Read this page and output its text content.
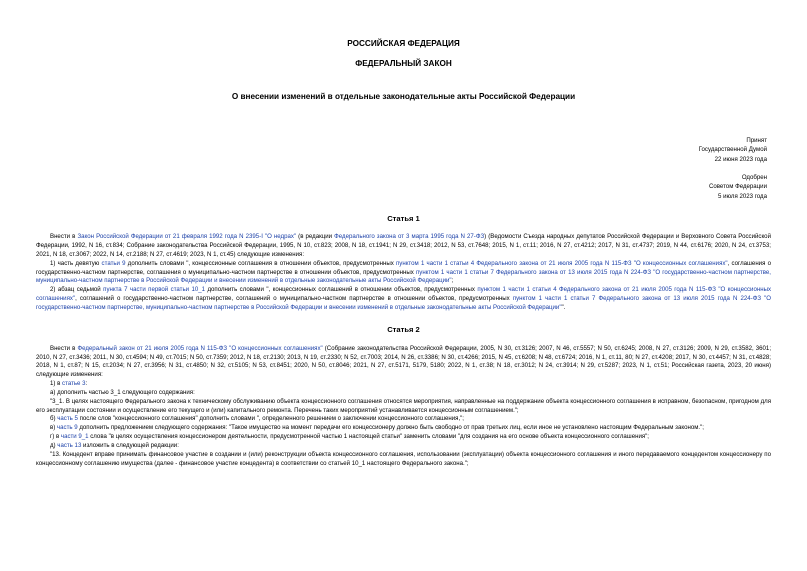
РОССИЙСКАЯ ФЕДЕРАЦИЯ
ФЕДЕРАЛЬНЫЙ ЗАКОН
О внесении изменений в отдельные законодательные акты Российской Федерации
Принят
Государственной Думой
22 июня 2023 года
Одобрен
Советом Федерации
5 июля 2023 года
Статья 1

Внести в Закон Российской Федерации от 21 февраля 1992 года N 2395-I "О недрах" (в редакции Федерального закона от 3 марта 1995 года N 27-ФЗ) (Ведомости Съезда народных депутатов Российской Федерации и Верховного Совета Российской Федерации, 1992, N 16, ст.834; Собрание законодательства Российской Федерации, 1995, N 10, ст.823; 2008, N 18, ст.1941; N 29, ст.3418; 2012, N 53, ст.7648; 2015, N 1, ст.11; 2016, N 27, ст.4212; 2017, N 31, ст.4737; 2019, N 44, ст.6176; 2020, N 24, ст.3753; 2021, N 18, ст.3067; 2022, N 14, ст.2188; N 27, ст.4619; 2023, N 1, ст.45) следующие изменения:

1) часть девятую статьи 9 дополнить словами ", концессионные соглашения в отношении объектов, предусмотренных пунктом 1 части 1 статьи 4 Федерального закона от 21 июля 2005 года N 115-ФЗ "О концессионных соглашениях", соглашения о государственно-частном партнерстве, соглашения о муниципально-частном партнерстве в отношении объектов, предусмотренных пунктом 1 части 1 статьи 7 Федерального закона от 13 июля 2015 года N 224-ФЗ "О государственно-частном партнерстве, муниципально-частном партнерстве в Российской Федерации и внесении изменений в отдельные законодательные акты Российской Федерации";

2) абзац седьмой пункта 7 части первой статьи 10_1 дополнить словами ", концессионных соглашений в отношении объектов, предусмотренных пунктом 1 части 1 статьи 4 Федерального закона от 21 июля 2005 года N 115-ФЗ "О концессионных соглашениях", соглашений о государственно-частном партнерстве, соглашений о муниципально-частном партнерстве в отношении объектов, предусмотренных пунктом 1 части 1 статьи 7 Федерального закона от 13 июля 2015 года N 224-ФЗ "О государственно-частном партнерстве, муниципально-частном партнерстве в Российской Федерации и внесении изменений в отдельные законодательные акты Российской Федерации"".

Статья 2

Внести в Федеральный закон от 21 июля 2005 года N 115-ФЗ "О концессионных соглашениях" (Собрание законодательства Российской Федерации, 2005, N 30, ст.3126; 2007, N 46, ст.5557; N 50, ст.6245; 2008, N 27, ст.3126; 2009, N 29, ст.3582, 3601; 2010, N 27, ст.3436; 2011, N 30, ст.4594; N 49, ст.7015; N 50, ст.7359; 2012, N 18, ст.2130; 2013, N 19, ст.2330; N 52, ст.7003; 2014, N 26, ст.3386; N 30, ст.4266; 2015, N 45, ст.6208; N 48, ст.6724; 2016, N 1, ст.11, 80; N 27, ст.4208; 2017, N 30, ст.4457; N 31, ст.4828; 2018, N 1, ст.87; N 15, ст.2034; N 27, ст.3956; N 31, ст.4850; N 32, ст.5105; N 53, ст.8451; 2020, N 50, ст.8046; 2021, N 27, ст.5171, 5179, 5180; 2022, N 1, ст.38; N 18, ст.3012; N 24, ст.3914; N 29, ст.5287; 2023, N 1, ст.51; Российская газета, 2023, 20 июня) следующие изменения:

1) в статье 3:

а) дополнить частью 3_1 следующего содержания:

"3_1. В целях настоящего Федерального закона к техническому обслуживанию объекта концессионного соглашения относятся мероприятия, направленные на поддержание объекта концессионного соглашения в исправном, безопасном, пригодном для его эксплуатации состоянии и осуществление его текущего и (или) капитального ремонта. Перечень таких мероприятий устанавливается концессионным соглашением.";

б) часть 5 после слов "концессионного соглашения" дополнить словами ", определенного решением о заключении концессионного соглашения,";

в) часть 9 дополнить предложением следующего содержания: "Такое имущество на момент передачи его концессионеру должно быть свободно от прав третьих лиц, если иное не установлено настоящим Федеральным законом.";

г) в части 9_1 слова "в целях осуществления концессионером деятельности, предусмотренной частью 1 настоящей статьи" заменить словами "для создания на его основе объекта концессионного соглашения";

д) часть 13 изложить в следующей редакции:

"13. Концедент вправе принимать финансовое участие в создании и (или) реконструкции объекта концессионного соглашения, использовании (эксплуатации) объекта концессионного соглашения и иного передаваемого концедентом концессионеру по концессионному соглашению имущества (далее - финансовое участие концедента) в соответствии со статьей 10_1 настоящего Федерального закона.";
